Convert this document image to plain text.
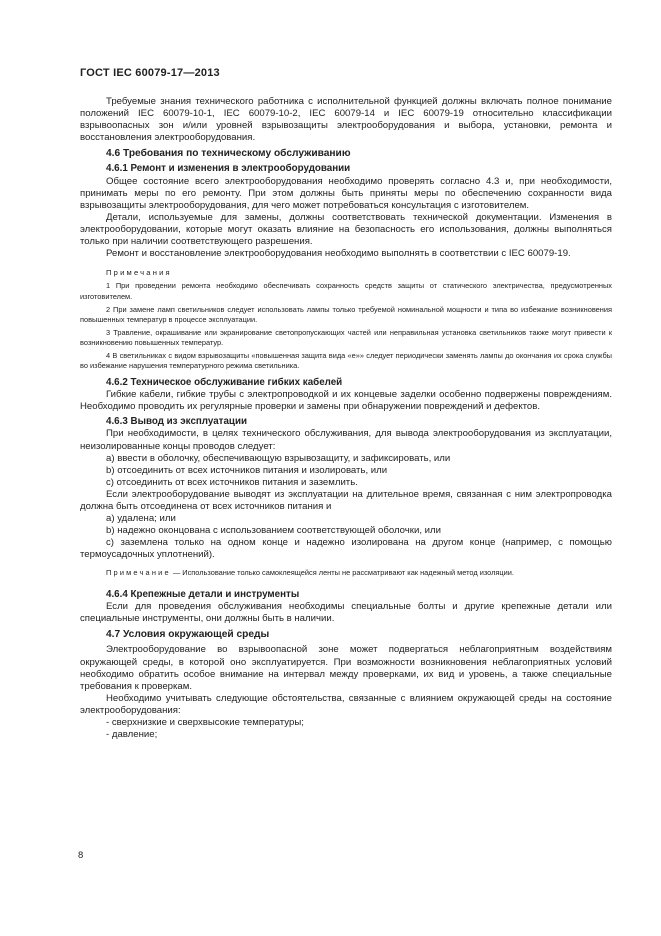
ГОСТ IEC 60079-17—2013

Требуемые знания технического работника с исполнительной функцией должны включать полное понимание положений IEC 60079-10-1, IEC 60079-10-2, IEC 60079-14 и IEC 60079-19 относительно классификации взрывоопасных зон и/или уровней взрывозащиты электрооборудования и выбора, установки, ремонта и восстановления электрооборудования.

4.6 Требования по техническому обслуживанию

4.6.1 Ремонт и изменения в электрооборудовании

Общее состояние всего электрооборудования необходимо проверять согласно 4.3 и, при необходимости, принимать меры по его ремонту. При этом должны быть приняты меры по обеспечению сохранности вида взрывозащиты электрооборудования, для чего может потребоваться консультация с изготовителем.

Детали, используемые для замены, должны соответствовать технической документации. Изменения в электрооборудовании, которые могут оказать влияние на безопасность его использования, должны выполняться только при наличии соответствующего разрешения.

Ремонт и восстановление электрооборудования необходимо выполнять в соответствии с IEC 60079-19.

Примечания

1 При проведении ремонта необходимо обеспечивать сохранность средств защиты от статического электричества, предусмотренных изготовителем.

2 При замене ламп светильников следует использовать лампы только требуемой номинальной мощности и типа во избежание возникновения повышенных температур в процессе эксплуатации.

3 Травление, окрашивание или экранирование светопропускающих частей или неправильная установка светильников также могут привести к возникновению повышенных температур.

4 В светильниках с видом взрывозащиты «повышенная защита вида «е»» следует периодически заменять лампы до окончания их срока службы во избежание нарушения температурного режима светильника.

4.6.2 Техническое обслуживание гибких кабелей

Гибкие кабели, гибкие трубы с электропроводкой и их концевые заделки особенно подвержены повреждениям. Необходимо проводить их регулярные проверки и замены при обнаружении повреждений и дефектов.

4.6.3 Вывод из эксплуатации

При необходимости, в целях технического обслуживания, для вывода электрооборудования из эксплуатации, неизолированные концы проводов следует:

a) ввести в оболочку, обеспечивающую взрывозащиту, и зафиксировать, или

b) отсоединить от всех источников питания и изолировать, или

c) отсоединить от всех источников питания и заземлить.

Если электрооборудование выводят из эксплуатации на длительное время, связанная с ним электропроводка должна быть отсоединена от всех источников питания и

a) удалена; или

b) надежно оконцована с использованием соответствующей оболочки, или

c) заземлена только на одном конце и надежно изолирована на другом конце (например, с помощью термоусадочных уплотнений).

Примечание — Использование только самоклеящейся ленты не рассматривают как надежный метод изоляции.

4.6.4 Крепежные детали и инструменты

Если для проведения обслуживания необходимы специальные болты и другие крепежные детали или специальные инструменты, они должны быть в наличии.

4.7 Условия окружающей среды

Электрооборудование во взрывоопасной зоне может подвергаться неблагоприятным воздействиям окружающей среды, в которой оно эксплуатируется. При возможности возникновения неблагоприятных условий необходимо обратить особое внимание на интервал между проверками, их вид и уровень, а также специальные требования к проверкам.

Необходимо учитывать следующие обстоятельства, связанные с влиянием окружающей среды на состояние электрооборудования:

- сверхнизкие и сверхвысокие температуры;

- давление;

8
